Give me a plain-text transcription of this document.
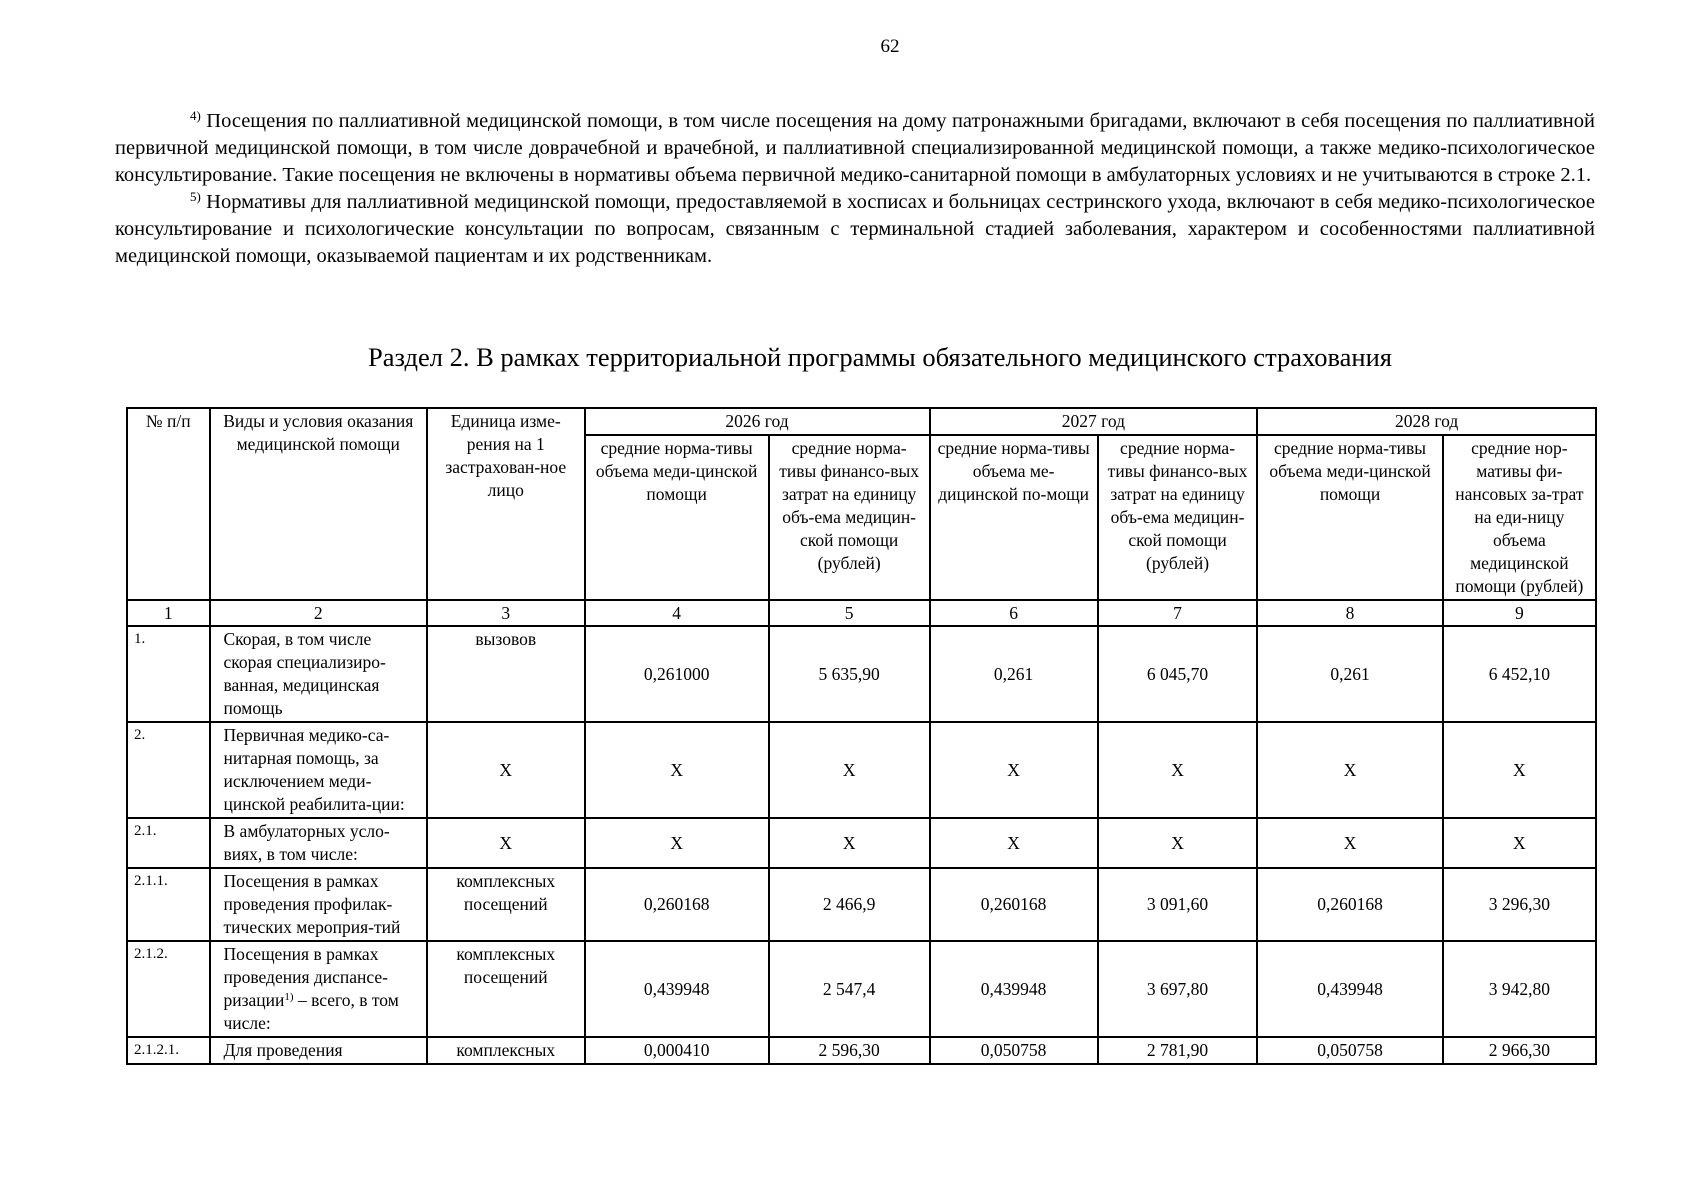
62

$^{4)}$ Посещения по паллиативной медицинской помощи, в том числе посещения на дому патронажными бригадами, включают в себя посещения по паллиативной первичной медицинской помощи, в том числе доврачебной и врачебной, и паллиативной специализированной медицинской помощи, а также медико-психологическое консультирование. Такие посещения не включены в нормативы объема первичной медико-санитарной помощи в амбулаторных условиях и не учитываются в строке 2.1.

$^{5)}$ Нормативы для паллиативной медицинской помощи, предоставляемой в хосписах и больницах сестринского ухода, включают в себя медико-психологическое консультирование и психологические консультации по вопросам, связанным с терминальной стадией заболевания, характером и сособенностями паллиативной медицинской помощи, оказываемой пациентам и их родственникам.

Раздел 2. В рамках территориальной программы обязательного медицинского страхования
№ п/п	Виды и условия оказания медицинской помощи	Единица изме-рения на 1 застрахован-ное лицо	2026 год		2027 год		2028 год	
			средние норма-тивы объема меди-цинской помощи	средние норма-тивы финансо-вых затрат на единицу объ-ема медицин-ской помощи (рублей)	средние норма-тивы объема ме-дицинской по-мощи	средние норма-тивы финансо-вых затрат на единицу объ-ема медицин-ской помощи (рублей)	средние норма-тивы объема меди-цинской помощи	средние нор-мативы фи-нансовых за-трат на еди-ницу объема медицинской помощи (рублей)
1	2	3	4	5	6	7	8	9
1.	Скорая, в том числе скорая специализиро-ванная, медицинская помощь	вызовов	0,261000	5 635,90	0,261	6 045,70	0,261	6 452,10
2.	Первичная медико-са-нитарная помощь, за исключением меди-цинской реабилита-ции:	X	X	X	X	X	X	X
2.1.	В амбулаторных усло-виях, в том числе:	X	X	X	X	X	X	X
2.1.1.	Посещения в рамках проведения профилак-тических мероприя-тий	комплексных посещений	0,260168	2 466,9	0,260168	3 091,60	0,260168	3 296,30
2.1.2.	Посещения в рамках проведения диспансе-ризации$^{1)}$ – всего, в том числе:	комплексных посещений	0,439948	2 547,4	0,439948	3 697,80	0,439948	3 942,80
2.1.2.1.	Для проведения	комплексных	0,000410	2 596,30	0,050758	2 781,90	0,050758	2 966,30
